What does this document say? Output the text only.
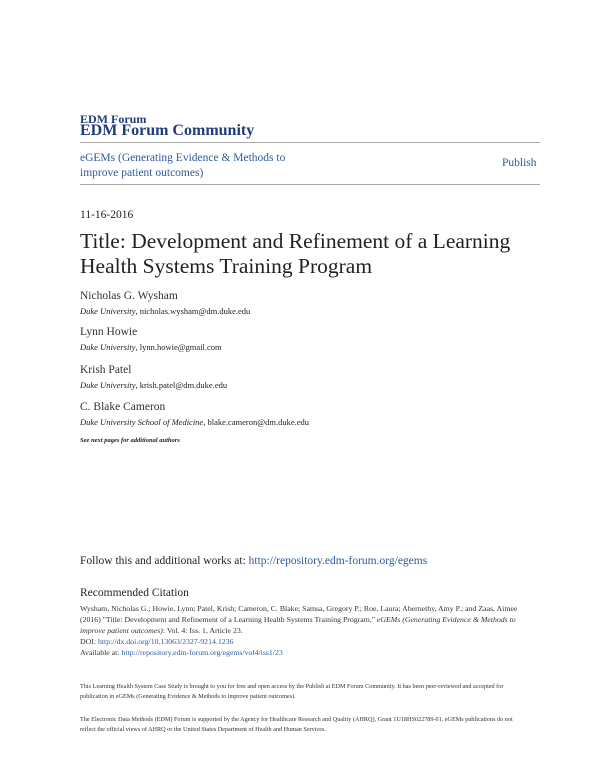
EDM Forum
EDM Forum Community
eGEMs (Generating Evidence & Methods to improve patient outcomes)
Publish
11-16-2016
Title: Development and Refinement of a Learning Health Systems Training Program
Nicholas G. Wysham
Duke University, nicholas.wysham@dm.duke.edu
Lynn Howie
Duke University, lynn.howie@gmail.com
Krish Patel
Duke University, krish.patel@dm.duke.edu
C. Blake Cameron
Duke University School of Medicine, blake.cameron@dm.duke.edu
See next pages for additional authors
Follow this and additional works at: http://repository.edm-forum.org/egems
Recommended Citation
Wysham, Nicholas G.; Howie, Lynn; Patel, Krish; Cameron, C. Blake; Samsa, Gregory P.; Roe, Laura; Abernethy, Amy P.; and Zaas, Aimee (2016) "Title: Development and Refinement of a Learning Health Systems Training Program," eGEMs (Generating Evidence & Methods to improve patient outcomes): Vol. 4: Iss. 1, Article 23.
DOI: http://dx.doi.org/10.13063/2327-9214.1236
Available at: http://repository.edm-forum.org/egems/vol4/iss1/23
This Learning Health System Case Study is brought to you for free and open access by the Publish at EDM Forum Community. It has been peer-reviewed and accepted for publication in eGEMs (Generating Evidence & Methods to improve patient outcomes).
The Electronic Data Methods (EDM) Forum is supported by the Agency for Healthcare Research and Quality (AHRQ), Grant 1U18HS022789-01. eGEMs publications do not reflect the official views of AHRQ or the United States Department of Health and Human Services.
